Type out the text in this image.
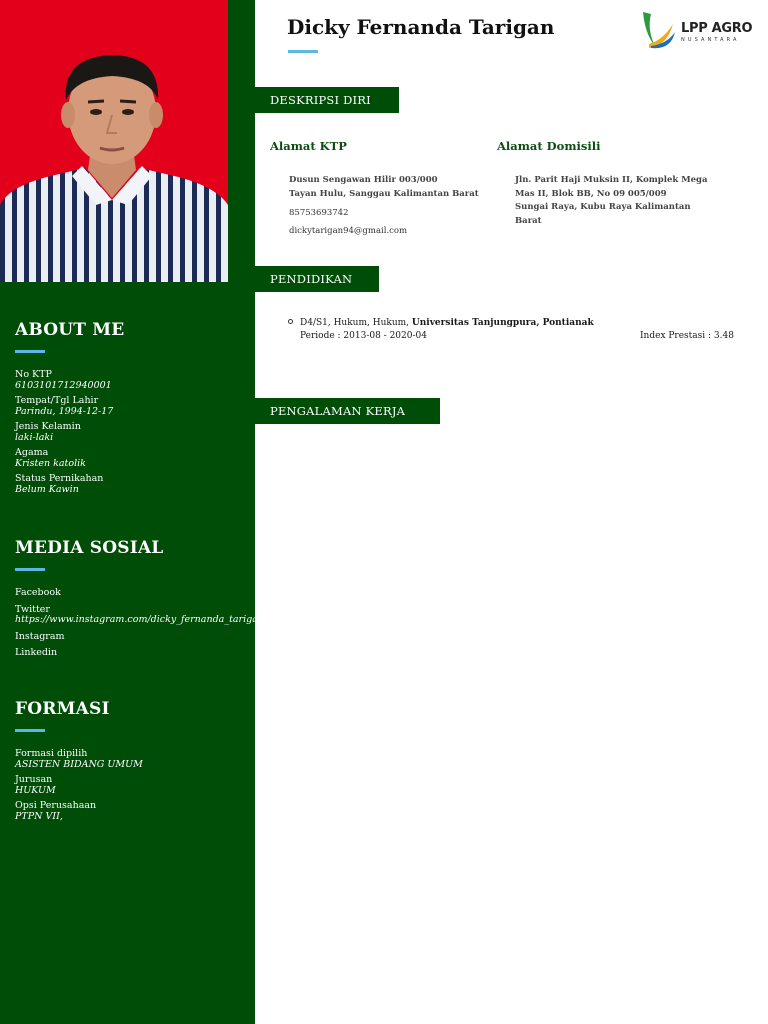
ABOUT ME
No KTP
6103101712940001
Tempat/Tgl Lahir
Parindu, 1994-12-17
Jenis Kelamin
laki-laki
Agama
Kristen katolik
Status Pernikahan
Belum Kawin
MEDIA SOSIAL
Facebook
Twitter
https://www.instagram.com/dicky_fernanda_tarigan/
Instagram
Linkedin
FORMASI
Formasi dipilih
ASISTEN BIDANG UMUM
Jurusan
HUKUM
Opsi Perusahaan
PTPN VII,
Dicky Fernanda Tarigan	LPP AGRO
NUSANTARA
DESKRIPSI DIRI
Alamat KTP
Dusun Sengawan Hilir 003/000
Tayan Hulu, Sanggau Kalimantan Barat
85753693742
dickytarigan94@gmail.com
Alamat Domisili
Jln. Parit Haji Muksin II, Komplek Mega
Mas II, Blok BB, No 09 005/009
Sungai Raya, Kubu Raya Kalimantan
Barat
PENDIDIKAN
D4/S1, Hukum, Hukum, Universitas Tanjungpura, Pontianak
Periode : 2013-08 - 2020-04	Index Prestasi : 3.48
PENGALAMAN KERJA
